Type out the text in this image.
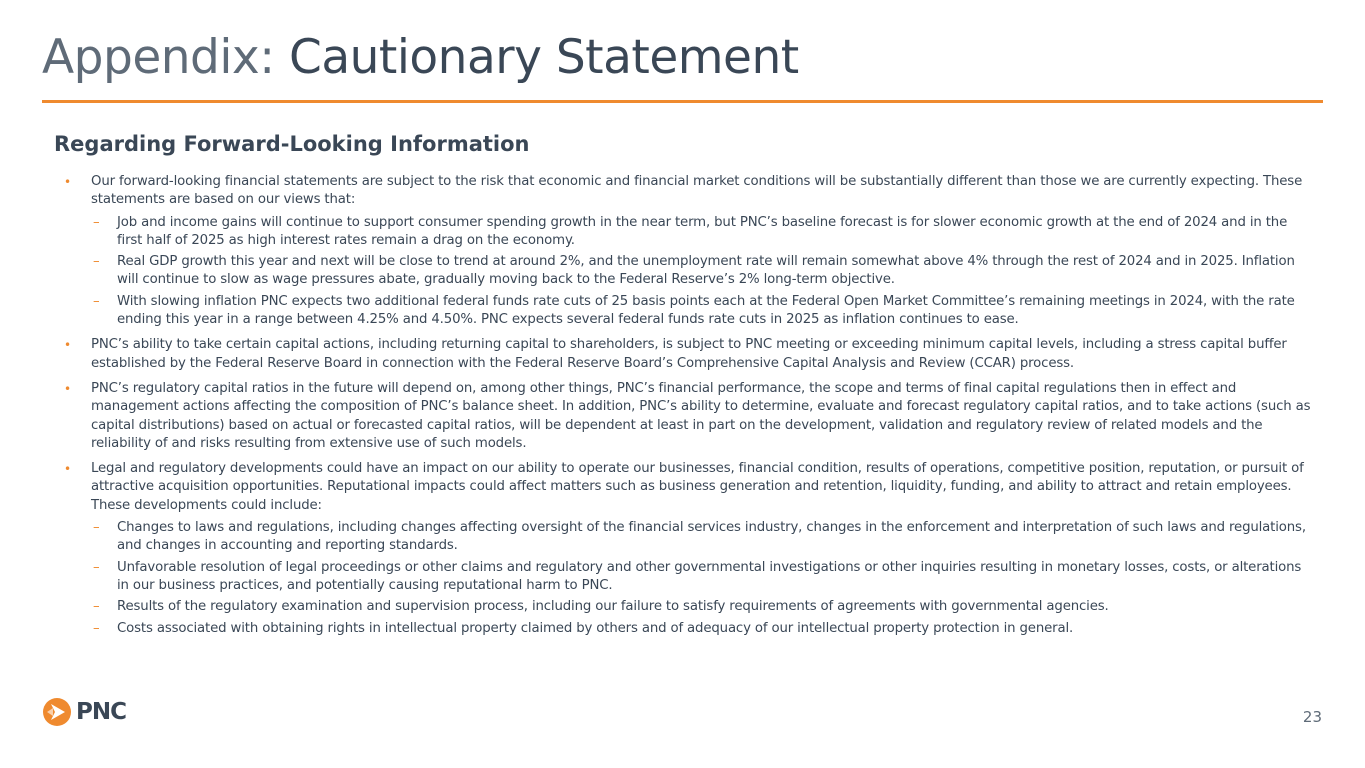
Appendix: Cautionary Statement
Regarding Forward-Looking Information
• Our forward-looking financial statements are subject to the risk that economic and financial market conditions will be substantially different than those we are currently expecting. These statements are based on our views that:
– Job and income gains will continue to support consumer spending growth in the near term, but PNC’s baseline forecast is for slower economic growth at the end of 2024 and in the first half of 2025 as high interest rates remain a drag on the economy.
– Real GDP growth this year and next will be close to trend at around 2%, and the unemployment rate will remain somewhat above 4% through the rest of 2024 and in 2025. Inflation will continue to slow as wage pressures abate, gradually moving back to the Federal Reserve’s 2% long-term objective.
– With slowing inflation PNC expects two additional federal funds rate cuts of 25 basis points each at the Federal Open Market Committee’s remaining meetings in 2024, with the rate ending this year in a range between 4.25% and 4.50%. PNC expects several federal funds rate cuts in 2025 as inflation continues to ease.
• PNC’s ability to take certain capital actions, including returning capital to shareholders, is subject to PNC meeting or exceeding minimum capital levels, including a stress capital buffer established by the Federal Reserve Board in connection with the Federal Reserve Board’s Comprehensive Capital Analysis and Review (CCAR) process.
• PNC’s regulatory capital ratios in the future will depend on, among other things, PNC’s financial performance, the scope and terms of final capital regulations then in effect and management actions affecting the composition of PNC’s balance sheet. In addition, PNC’s ability to determine, evaluate and forecast regulatory capital ratios, and to take actions (such as capital distributions) based on actual or forecasted capital ratios, will be dependent at least in part on the development, validation and regulatory review of related models and the reliability of and risks resulting from extensive use of such models.
• Legal and regulatory developments could have an impact on our ability to operate our businesses, financial condition, results of operations, competitive position, reputation, or pursuit of attractive acquisition opportunities. Reputational impacts could affect matters such as business generation and retention, liquidity, funding, and ability to attract and retain employees. These developments could include:
– Changes to laws and regulations, including changes affecting oversight of the financial services industry, changes in the enforcement and interpretation of such laws and regulations, and changes in accounting and reporting standards.
– Unfavorable resolution of legal proceedings or other claims and regulatory and other governmental investigations or other inquiries resulting in monetary losses, costs, or alterations in our business practices, and potentially causing reputational harm to PNC.
– Results of the regulatory examination and supervision process, including our failure to satisfy requirements of agreements with governmental agencies.
– Costs associated with obtaining rights in intellectual property claimed by others and of adequacy of our intellectual property protection in general.
PNC	23
